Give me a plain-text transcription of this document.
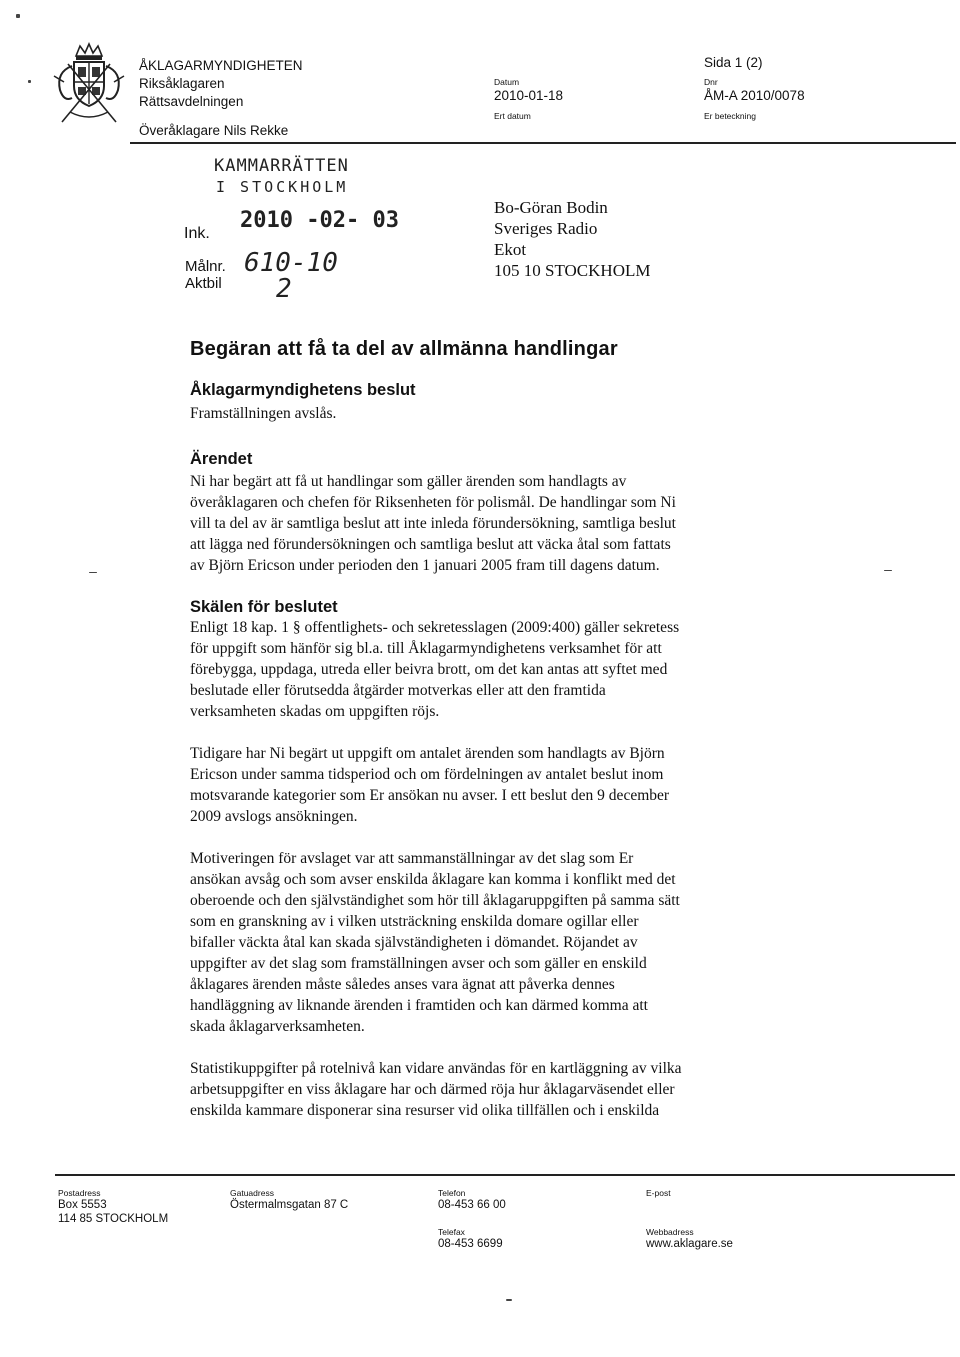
ÅKLAGARMYNDIGHETEN
Riksåklagaren
Rättsavdelningen
Överåklagare Nils Rekke
Datum
2010-01-18
Ert datum
Sida 1 (2)
Dnr
ÅM-A 2010/0078
Er beteckning
KAMMARRÄTTEN
I STOCKHOLM
Ink.
2010 -02- 03
Målnr. 610-10
Aktbil 2
Bo-Göran Bodin
Sveriges Radio
Ekot
105 10 STOCKHOLM
Begäran att få ta del av allmänna handlingar
Åklagarmyndighetens beslut
Framställningen avslås.
Ärendet
Ni har begärt att få ut handlingar som gäller ärenden som handlagts av
överåklagaren och chefen för Riksenheten för polismål. De handlingar som Ni
vill ta del av är samtliga beslut att inte inleda förundersökning, samtliga beslut
att lägga ned förundersökningen och samtliga beslut att väcka åtal som fattats
av Björn Ericson under perioden den 1 januari 2005 fram till dagens datum.
Skälen för beslutet
Enligt 18 kap. 1 § offentlighets- och sekretesslagen (2009:400) gäller sekretess
för uppgift som hänför sig bl.a. till Åklagarmyndighetens verksamhet för att
förebygga, uppdaga, utreda eller beivra brott, om det kan antas att syftet med
beslutade eller förutsedda åtgärder motverkas eller att den framtida
verksamheten skadas om uppgiften röjs.
Tidigare har Ni begärt ut uppgift om antalet ärenden som handlagts av Björn
Ericson under samma tidsperiod och om fördelningen av antalet beslut inom
motsvarande kategorier som Er ansökan nu avser. I ett beslut den 9 december
2009 avslogs ansökningen.
Motiveringen för avslaget var att sammanställningar av det slag som Er
ansökan avsåg och som avser enskilda åklagare kan komma i konflikt med det
oberoende och den självständighet som hör till åklagaruppgiften på samma sätt
som en granskning av i vilken utsträckning enskilda domare ogillar eller
bifaller väckta åtal kan skada självständigheten i dömandet. Röjandet av
uppgifter av det slag som framställningen avser och som gäller en enskild
åklagares ärenden måste således anses vara ägnat att påverka dennes
handläggning av liknande ärenden i framtiden och kan därmed komma att
skada åklagarverksamheten.
Statistikuppgifter på rotelnivå kan vidare användas för en kartläggning av vilka
arbetsuppgifter en viss åklagare har och därmed röja hur åklagarväsendet eller
enskilda kammare disponerar sina resurser vid olika tillfällen och i enskilda
Postadress
Box 5553
114 85 STOCKHOLM
Gatuadress
Östermalmsgatan 87 C
Telefon
08-453 66 00
Telefax
08-453 6699
E-post
Webbadress
www.aklagare.se
